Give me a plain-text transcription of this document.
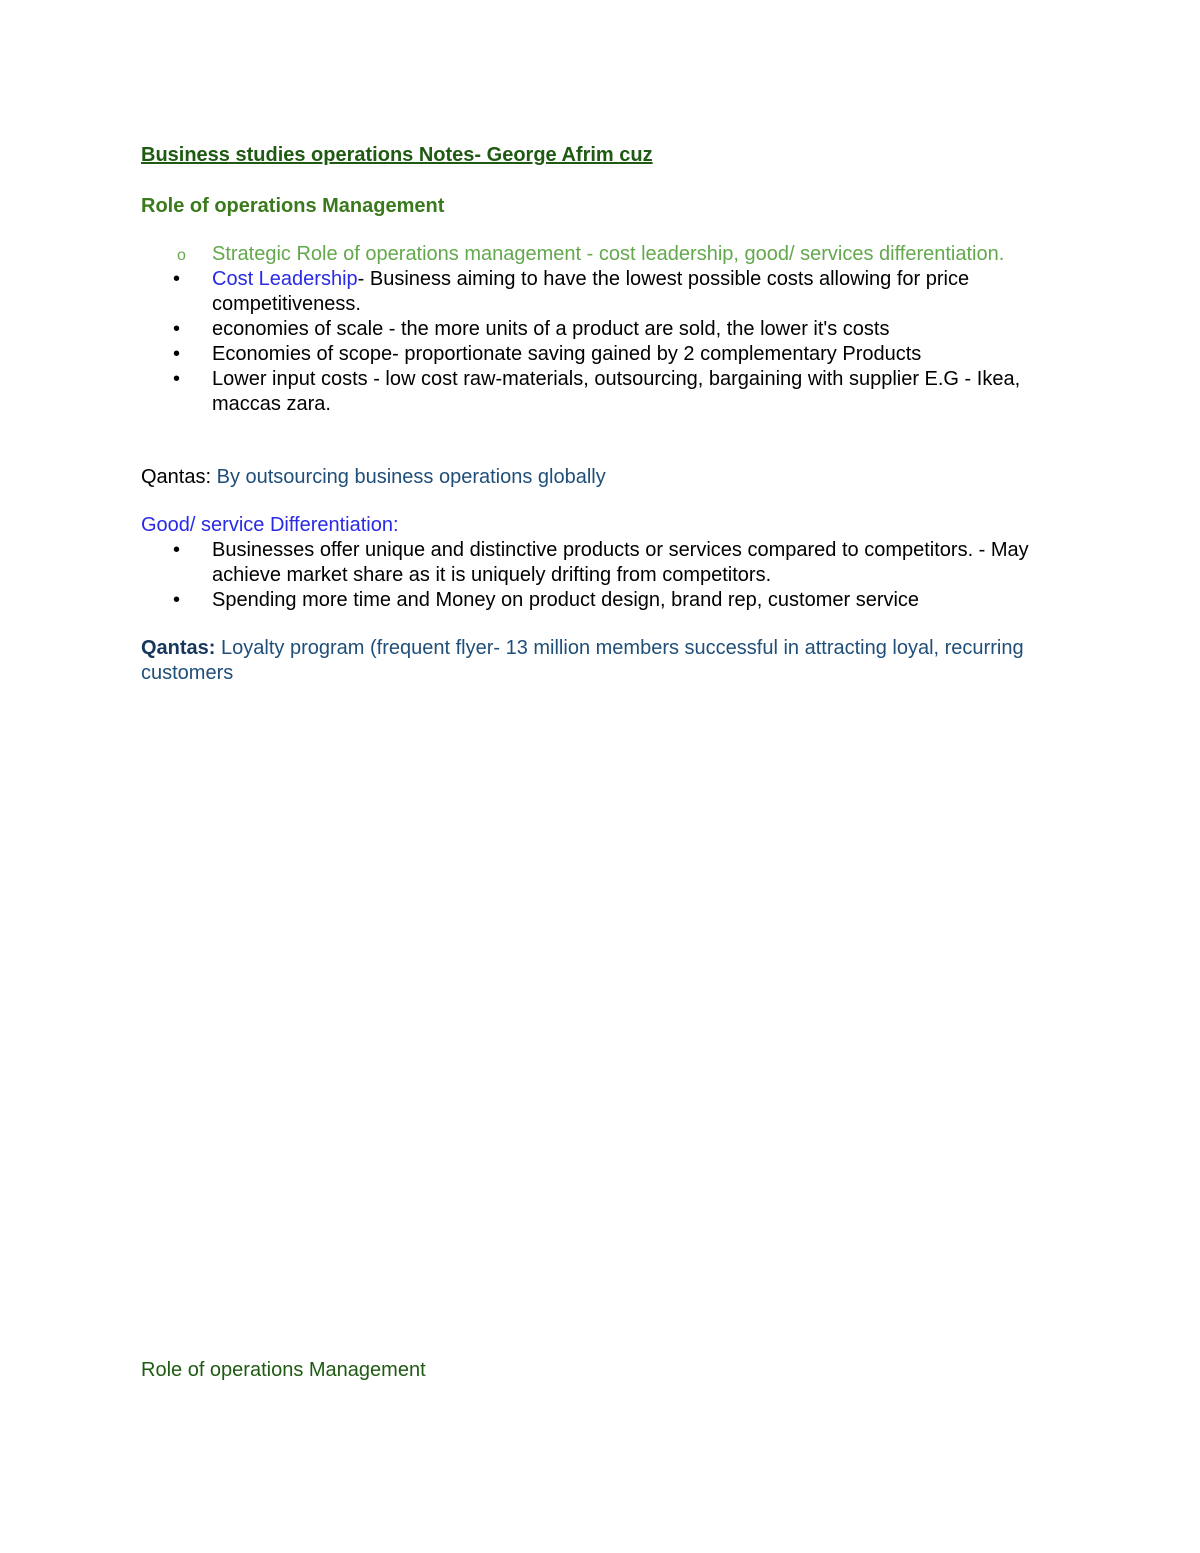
Business studies operations Notes- George Afrim cuz
Role of operations Management
o Strategic Role of operations management - cost leadership, good/ services differentiation.
• Cost Leadership- Business aiming to have the lowest possible costs allowing for price competitiveness.
• economies of scale - the more units of a product are sold, the lower it's costs
• Economies of scope- proportionate saving gained by 2 complementary Products
• Lower input costs - low cost raw-materials, outsourcing, bargaining with supplier E.G - Ikea, maccas zara.
Qantas: By outsourcing business operations globally
Good/ service Differentiation:
• Businesses offer unique and distinctive products or services compared to competitors. - May achieve market share as it is uniquely drifting from competitors.
• Spending more time and Money on product design, brand rep, customer service
Qantas: Loyalty program (frequent flyer- 13 million members successful in attracting loyal, recurring customers
Role of operations Management
